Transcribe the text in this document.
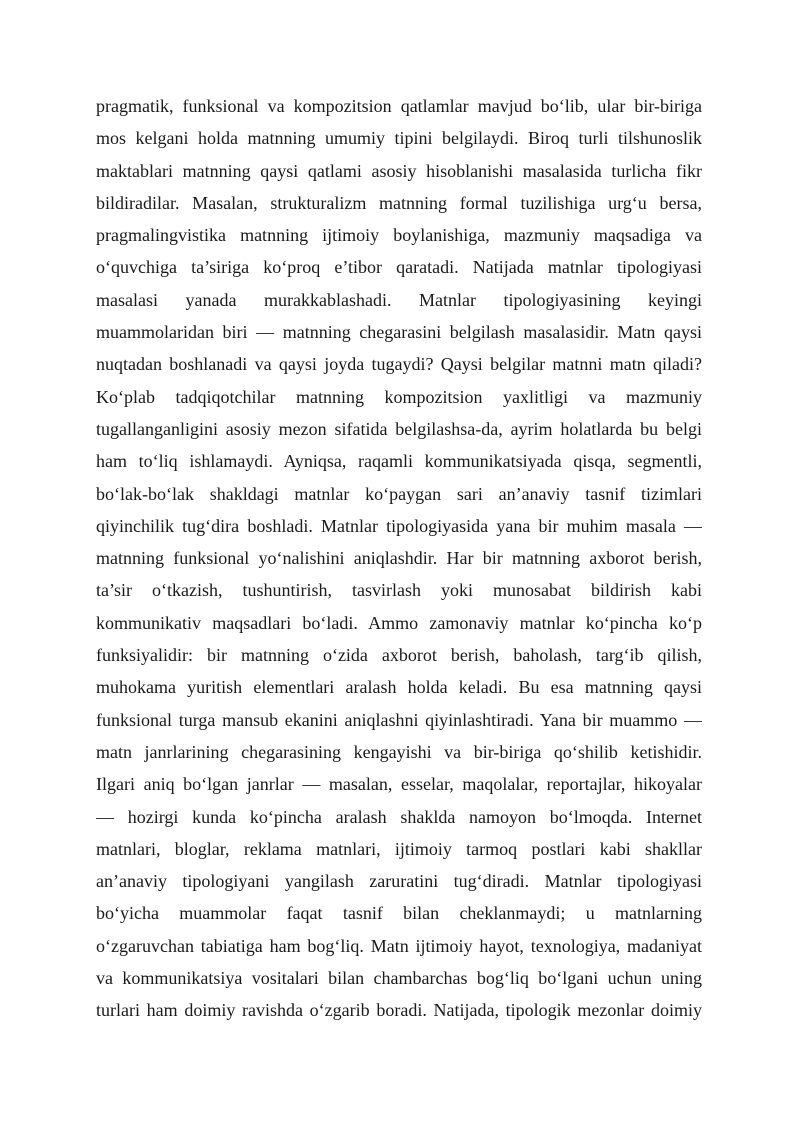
pragmatik, funksional va kompozitsion qatlamlar mavjud bo‘lib, ular bir-biriga
mos kelgani holda matnning umumiy tipini belgilaydi. Biroq turli tilshunoslik
maktablari matnning qaysi qatlami asosiy hisoblanishi masalasida turlicha fikr
bildiradilar. Masalan, strukturalizm matnning formal tuzilishiga urg‘u bersa,
pragmalingvistika matnning ijtimoiy boylanishiga, mazmuniy maqsadiga va
o‘quvchiga ta’siriga ko‘proq e’tibor qaratadi. Natijada matnlar tipologiyasi
masalasi yanada murakkablashadi. Matnlar tipologiyasining keyingi
muammolaridan biri — matnning chegarasini belgilash masalasidir. Matn qaysi
nuqtadan boshlanadi va qaysi joyda tugaydi? Qaysi belgilar matnni matn qiladi?
Ko‘plab tadqiqotchilar matnning kompozitsion yaxlitligi va mazmuniy
tugallanganligini asosiy mezon sifatida belgilashsa-da, ayrim holatlarda bu belgi
ham to‘liq ishlamaydi. Ayniqsa, raqamli kommunikatsiyada qisqa, segmentli,
bo‘lak-bo‘lak shakldagi matnlar ko‘paygan sari an’anaviy tasnif tizimlari
qiyinchilik tug‘dira boshladi. Matnlar tipologiyasida yana bir muhim masala —
matnning funksional yo‘nalishini aniqlashdir. Har bir matnning axborot berish,
ta’sir o‘tkazish, tushuntirish, tasvirlash yoki munosabat bildirish kabi
kommunikativ maqsadlari bo‘ladi. Ammo zamonaviy matnlar ko‘pincha ko‘p
funksiyalidir: bir matnning o‘zida axborot berish, baholash, targ‘ib qilish,
muhokama yuritish elementlari aralash holda keladi. Bu esa matnning qaysi
funksional turga mansub ekanini aniqlashni qiyinlashtiradi. Yana bir muammo —
matn janrlarining chegarasining kengayishi va bir-biriga qo‘shilib ketishidir.
Ilgari aniq bo‘lgan janrlar — masalan, esselar, maqolalar, reportajlar, hikoyalar
— hozirgi kunda ko‘pincha aralash shaklda namoyon bo‘lmoqda. Internet
matnlari, bloglar, reklama matnlari, ijtimoiy tarmoq postlari kabi shakllar
an’anaviy tipologiyani yangilash zaruratini tug‘diradi. Matnlar tipologiyasi
bo‘yicha muammolar faqat tasnif bilan cheklanmaydi; u matnlarning
o‘zgaruvchan tabiatiga ham bog‘liq. Matn ijtimoiy hayot, texnologiya, madaniyat
va kommunikatsiya vositalari bilan chambarchas bog‘liq bo‘lgani uchun uning
turlari ham doimiy ravishda o‘zgarib boradi. Natijada, tipologik mezonlar doimiy
